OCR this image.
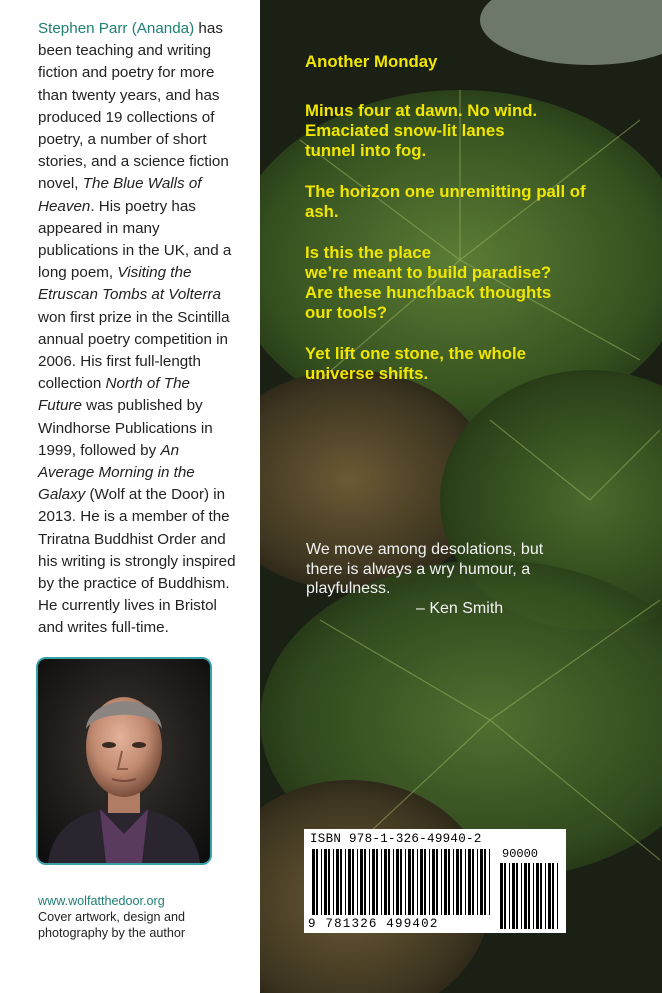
Stephen Parr (Ananda) has been teaching and writing fiction and poetry for more than twenty years, and has produced 19 collections of poetry, a number of short stories, and a science fiction novel, The Blue Walls of Heaven. His poetry has appeared in many publications in the UK, and a long poem, Visiting the Etruscan Tombs at Volterra won first prize in the Scintilla annual poetry competition in 2006. His first full-length collection North of The Future was published by Windhorse Publications in 1999, followed by An Average Morning in the Galaxy (Wolf at the Door) in 2013. He is a member of the Triratna Buddhist Order and his writing is strongly inspired by the practice of Buddhism. He currently lives in Bristol and writes full-time.
www.wolfatthedoor.org
Cover artwork, design and photography by the author
Another Monday
Minus four at dawn. No wind.
Emaciated snow-lit lanes
tunnel into fog.
The horizon one unremitting pall of
ash.
Is this the place
we’re meant to build paradise?
Are these hunchback thoughts
our tools?
Yet lift one stone, the whole
universe shifts.
We move among desolations, but
there is always a wry humour, a
playfulness.
– Ken Smith
ISBN 978-1-326-49940-2
90000
9 781326 499402
